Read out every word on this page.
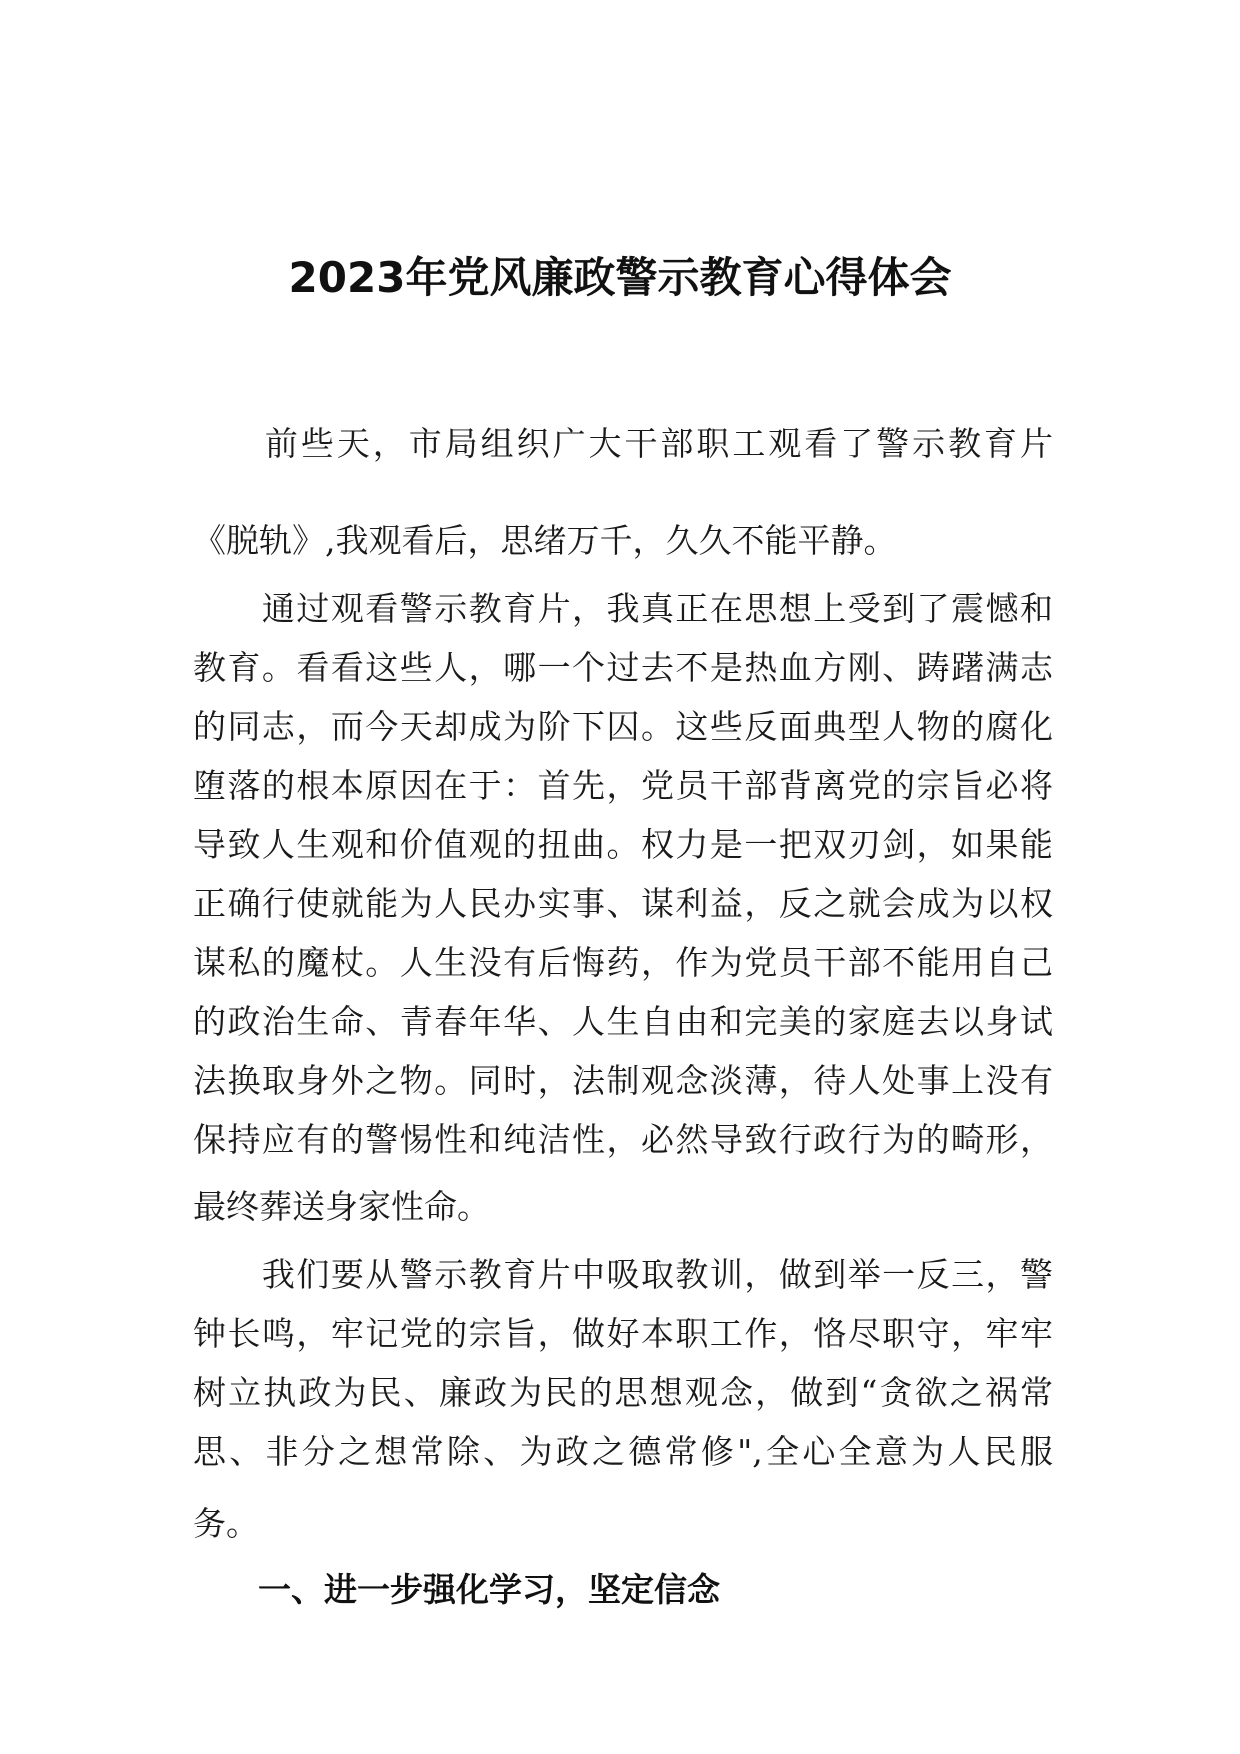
2023年党风廉政警示教育心得体会
　　前些天，市局组织广大干部职工观看了警示教育片
《脱轨》,我观看后，思绪万千，久久不能平静。
　　通过观看警示教育片，我真正在思想上受到了震憾和
教育。看看这些人，哪一个过去不是热血方刚、踌躇满志
的同志，而今天却成为阶下囚。这些反面典型人物的腐化
堕落的根本原因在于：首先，党员干部背离党的宗旨必将
导致人生观和价值观的扭曲。权力是一把双刃剑，如果能
正确行使就能为人民办实事、谋利益，反之就会成为以权
谋私的魔杖。人生没有后悔药，作为党员干部不能用自己
的政治生命、青春年华、人生自由和完美的家庭去以身试
法换取身外之物。同时，法制观念淡薄，待人处事上没有
保持应有的警惕性和纯洁性，必然导致行政行为的畸形，
最终葬送身家性命。
　　我们要从警示教育片中吸取教训，做到举一反三，警
钟长鸣，牢记党的宗旨，做好本职工作，恪尽职守，牢牢
树立执政为民、廉政为民的思想观念，做到“贪欲之祸常
思、非分之想常除、为政之德常修",全心全意为人民服
务。
一、进一步强化学习，坚定信念
